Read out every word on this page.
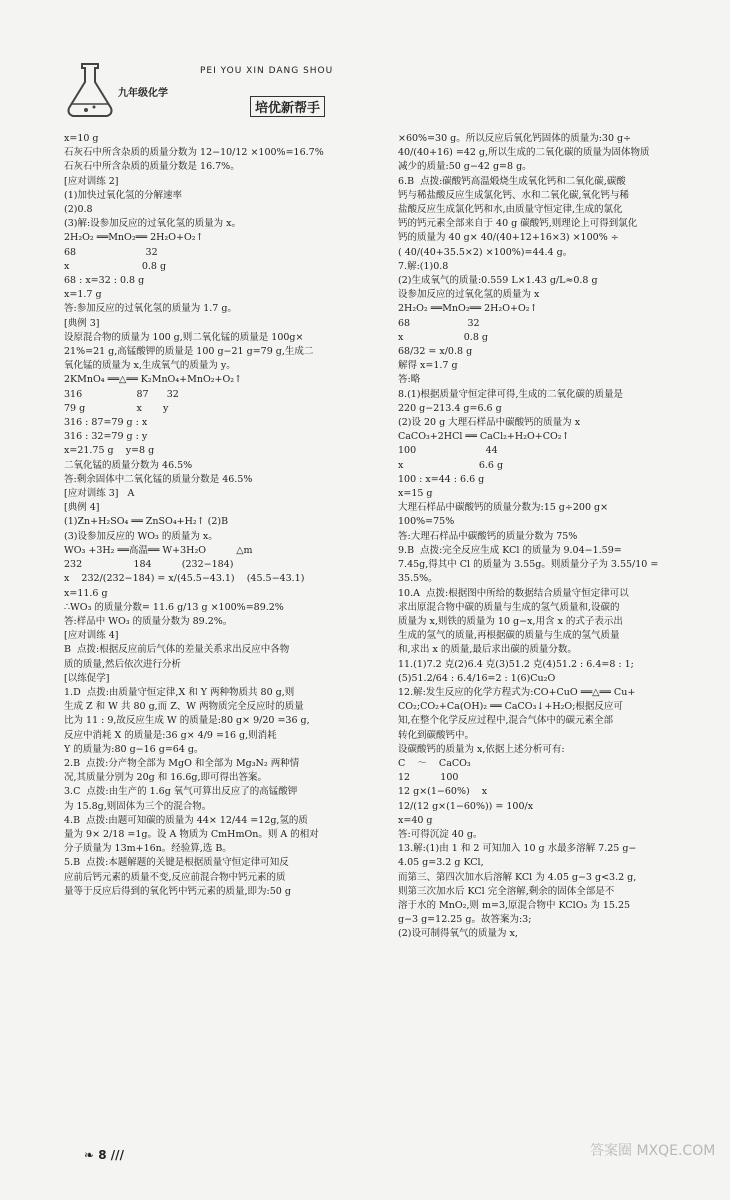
九年级化学
PEI YOU XIN DANG SHOU
培优新帮手
x=10 g
石灰石中所含杂质的质量分数为 12−10/12 ×100%=16.7%
石灰石中所含杂质的质量分数是 16.7%。
[应对训练 2]
(1)加快过氧化氢的分解速率
(2)0.8
(3)解:设参加反应的过氧化氢的质量为 x。
2H₂O₂ ══MnO₂══ 2H₂O+O₂↑
68                       32
x                        0.8 g
68 : x=32 : 0.8 g
x=1.7 g
答:参加反应的过氧化氢的质量为 1.7 g。
[典例 3]
设原混合物的质量为 100 g,则二氧化锰的质量是 100g×
21%=21 g,高锰酸钾的质量是 100 g−21 g=79 g,生成二
氧化锰的质量为 x,生成氧气的质量为 y。
2KMnO₄ ══△══ K₂MnO₄+MnO₂+O₂↑
316                  87      32
79 g                 x       y
316 : 87=79 g : x
316 : 32=79 g : y
x=21.75 g    y=8 g
二氧化锰的质量分数为 46.5%
答:剩余固体中二氧化锰的质量分数是 46.5%
[应对训练 3]   A
[典例 4]
(1)Zn+H₂SO₄ ══ ZnSO₄+H₂↑ (2)B
(3)设参加反应的 WO₃ 的质量为 x。
WO₃ +3H₂ ══高温══ W+3H₂O          △m
232                 184          (232−184)
x    232/(232−184) = x/(45.5−43.1)    (45.5−43.1)
x=11.6 g
∴WO₃ 的质量分数= 11.6 g/13 g ×100%=89.2%
答:样品中 WO₃ 的质量分数为 89.2%。
[应对训练 4]
B  点拨:根据反应前后气体的差量关系求出反应中各物
质的质量,然后依次进行分析
[以练促学]
1.D  点拨:由质量守恒定律,X 和 Y 两种物质共 80 g,则
生成 Z 和 W 共 80 g,而 Z、W 两物质完全反应时的质量
比为 11 : 9,故反应生成 W 的质量是:80 g× 9/20 =36 g,
反应中消耗 X 的质量是:36 g× 4/9 =16 g,则消耗
Y 的质量为:80 g−16 g=64 g。
2.B  点拨:分产物全部为 MgO 和全部为 Mg₃N₂ 两种情
况,其质量分别为 20g 和 16.6g,即可得出答案。
3.C  点拨:由生产的 1.6g 氧气可算出反应了的高锰酸钾
为 15.8g,则固体为三个的混合物。
4.B  点拨:由题可知碳的质量为 44× 12/44 =12g,氢的质
量为 9× 2/18 =1g。设 A 物质为 CmHmOn。则 A 的相对
分子质量为 13m+16n。经验算,选 B。
5.B  点拨:本题解题的关键是根据质量守恒定律可知反
应前后钙元素的质量不变,反应前混合物中钙元素的质
量等于反应后得到的氧化钙中钙元素的质量,即为:50 g
×60%=30 g。所以反应后氧化钙固体的质量为:30 g÷
40/(40+16) =42 g,所以生成的二氧化碳的质量为固体物质
减少的质量:50 g−42 g=8 g。
6.B  点拨:碳酸钙高温煅烧生成氧化钙和二氧化碳,碳酸
钙与稀盐酸反应生成氯化钙、水和二氧化碳,氧化钙与稀
盐酸反应生成氯化钙和水,由质量守恒定律,生成的氯化
钙的钙元素全部来自于 40 g 碳酸钙,则理论上可得到氯化
钙的质量为 40 g× 40/(40+12+16×3) ×100% ÷
( 40/(40+35.5×2) ×100%)=44.4 g。
7.解:(1)0.8
(2)生成氧气的质量:0.559 L×1.43 g/L≈0.8 g
设参加反应的过氧化氢的质量为 x
2H₂O₂ ══MnO₂══ 2H₂O+O₂↑
68                   32
x                    0.8 g
68/32 = x/0.8 g
解得 x=1.7 g
答:略
8.(1)根据质量守恒定律可得,生成的二氧化碳的质量是
220 g−213.4 g=6.6 g
(2)设 20 g 大理石样品中碳酸钙的质量为 x
CaCO₃+2HCl ══ CaCl₂+H₂O+CO₂↑
100                       44
x                         6.6 g
100 : x=44 : 6.6 g
x=15 g
大理石样品中碳酸钙的质量分数为:15 g÷200 g×
100%=75%
答:大理石样品中碳酸钙的质量分数为 75%
9.B  点拨:完全反应生成 KCl 的质量为 9.04−1.59=
7.45g,得其中 Cl 的质量为 3.55g。则质量分子为 3.55/10 =
35.5%。
10.A  点拨:根据图中所给的数据结合质量守恒定律可以
求出原混合物中碳的质量与生成的氢气质量和,设碳的
质量为 x,则铁的质量为 10 g−x,用含 x 的式子表示出
生成的氢气的质量,再根据碳的质量与生成的氢气质量
和,求出 x 的质量,最后求出碳的质量分数。
11.(1)7.2 克(2)6.4 克(3)51.2 克(4)51.2 : 6.4=8 : 1;
(5)51.2/64 : 6.4/16=2 : 1(6)Cu₂O
12.解:发生反应的化学方程式为:CO+CuO ══△══ Cu+
CO₂;CO₂+Ca(OH)₂ ══ CaCO₃↓+H₂O;根据反应可
知,在整个化学反应过程中,混合气体中的碳元素全部
转化到碳酸钙中。
设碳酸钙的质量为 x,依据上述分析可有:
C    ～    CaCO₃
12          100
12 g×(1−60%)    x
12/(12 g×(1−60%)) = 100/x
x=40 g
答:可得沉淀 40 g。
13.解:(1)由 1 和 2 可知加入 10 g 水最多溶解 7.25 g−
4.05 g=3.2 g KCl,
而第三、第四次加水后溶解 KCl 为 4.05 g−3 g<3.2 g,
则第三次加水后 KCl 完全溶解,剩余的固体全部是不
溶于水的 MnO₂,则 m=3,原混合物中 KClO₃ 为 15.25
g−3 g=12.25 g。故答案为:3;
(2)设可制得氧气的质量为 x,
❧ 8 ///	答案圈 MXQE.COM
